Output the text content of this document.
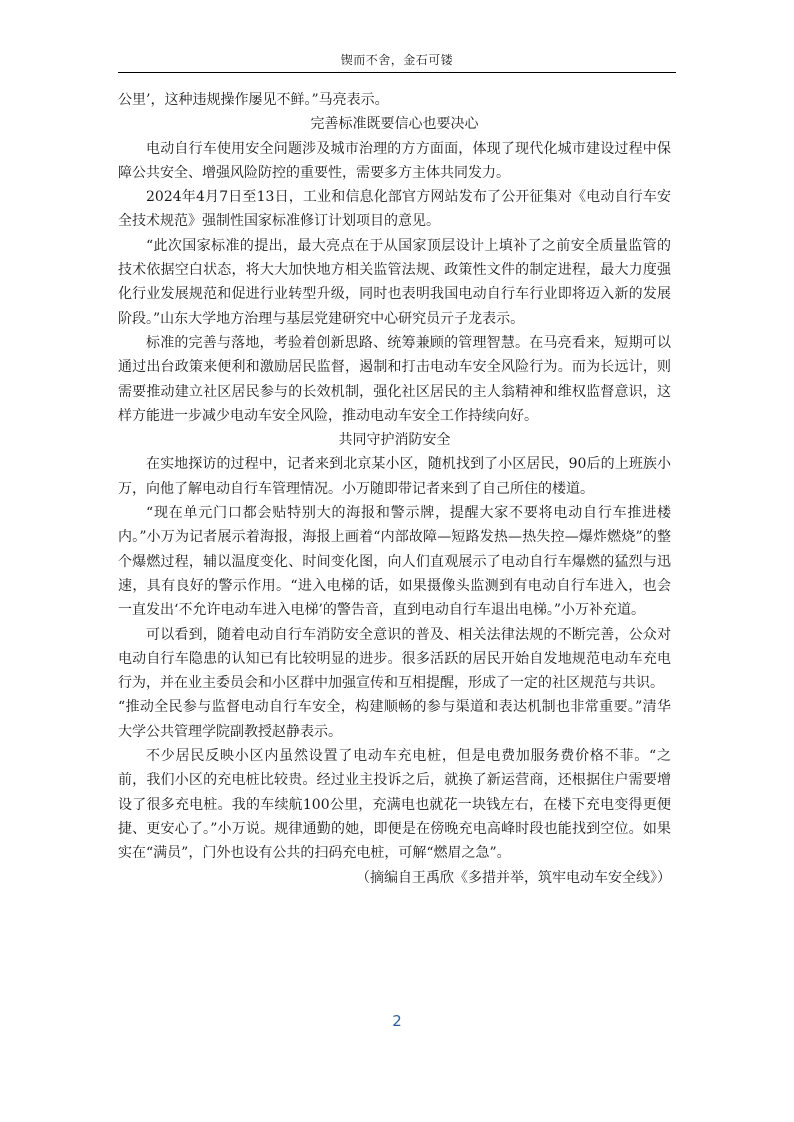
锲而不舍，金石可镂

公里’，这种违规操作屡见不鲜。”马亮表示。

完善标准既要信心也要决心

电动自行车使用安全问题涉及城市治理的方方面面，体现了现代化城市建设过程中保障公共安全、增强风险防控的重要性，需要多方主体共同发力。

2024年4月7日至13日，工业和信息化部官方网站发布了公开征集对《电动自行车安全技术规范》强制性国家标准修订计划项目的意见。

“此次国家标准的提出，最大亮点在于从国家顶层设计上填补了之前安全质量监管的技术依据空白状态，将大大加快地方相关监管法规、政策性文件的制定进程，最大力度强化行业发展规范和促进行业转型升级，同时也表明我国电动自行车行业即将迈入新的发展阶段。”山东大学地方治理与基层党建研究中心研究员亓子龙表示。

标准的完善与落地，考验着创新思路、统筹兼顾的管理智慧。在马亮看来，短期可以通过出台政策来便利和激励居民监督，遏制和打击电动车安全风险行为。而为长远计，则需要推动建立社区居民参与的长效机制，强化社区居民的主人翁精神和维权监督意识，这样方能进一步减少电动车安全风险，推动电动车安全工作持续向好。

共同守护消防安全

在实地探访的过程中，记者来到北京某小区，随机找到了小区居民，90后的上班族小万，向他了解电动自行车管理情况。小万随即带记者来到了自己所住的楼道。

“现在单元门口都会贴特别大的海报和警示牌，提醒大家不要将电动自行车推进楼内。”小万为记者展示着海报，海报上画着“内部故障—短路发热—热失控—爆炸燃烧”的整个爆燃过程，辅以温度变化、时间变化图，向人们直观展示了电动自行车爆燃的猛烈与迅速，具有良好的警示作用。“进入电梯的话，如果摄像头监测到有电动自行车进入，也会一直发出‘不允许电动车进入电梯’的警告音，直到电动自行车退出电梯。”小万补充道。

可以看到，随着电动自行车消防安全意识的普及、相关法律法规的不断完善，公众对电动自行车隐患的认知已有比较明显的进步。很多活跃的居民开始自发地规范电动车充电行为，并在业主委员会和小区群中加强宣传和互相提醒，形成了一定的社区规范与共识。

“推动全民参与监督电动自行车安全，构建顺畅的参与渠道和表达机制也非常重要。”清华大学公共管理学院副教授赵静表示。

不少居民反映小区内虽然设置了电动车充电桩，但是电费加服务费价格不菲。“之前，我们小区的充电桩比较贵。经过业主投诉之后，就换了新运营商，还根据住户需要增设了很多充电桩。我的车续航100公里，充满电也就花一块钱左右，在楼下充电变得更便捷、更安心了。”小万说。规律通勤的她，即便是在傍晚充电高峰时段也能找到空位。如果实在“满员”，门外也设有公共的扫码充电桩，可解“燃眉之急”。

（摘编自王禹欣《多措并举，筑牢电动车安全线》）

2
